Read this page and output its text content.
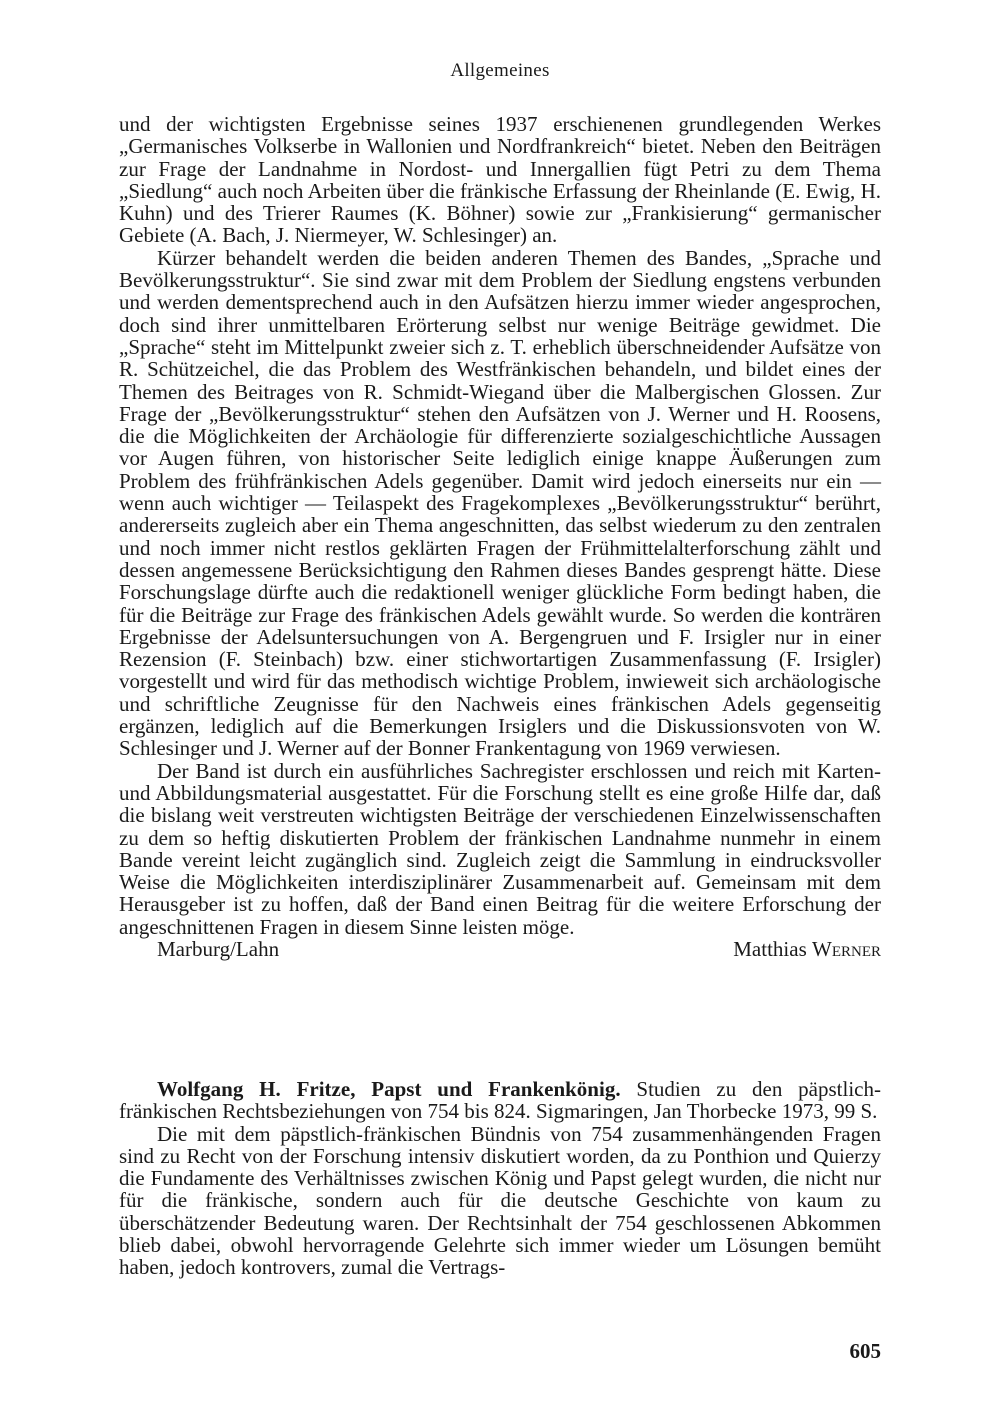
Allgemeines

und der wichtigsten Ergebnisse seines 1937 erschienenen grundlegenden Werkes „Germanisches Volkserbe in Wallonien und Nordfrankreich“ bietet. Neben den Beiträgen zur Frage der Landnahme in Nordost- und Innergallien fügt Petri zu dem Thema „Siedlung“ auch noch Arbeiten über die fränkische Erfassung der Rheinlande (E. Ewig, H. Kuhn) und des Trierer Raumes (K. Böhner) sowie zur „Frankisierung“ germanischer Gebiete (A. Bach, J. Niermeyer, W. Schlesinger) an.

Kürzer behandelt werden die beiden anderen Themen des Bandes, „Sprache und Bevölkerungsstruktur“. Sie sind zwar mit dem Problem der Siedlung engstens verbunden und werden dementsprechend auch in den Aufsätzen hierzu immer wieder angesprochen, doch sind ihrer unmittelbaren Erörterung selbst nur wenige Beiträge gewidmet. Die „Sprache“ steht im Mittelpunkt zweier sich z. T. erheblich überschneidender Aufsätze von R. Schützeichel, die das Problem des Westfränkischen behandeln, und bildet eines der Themen des Beitrages von R. Schmidt-Wiegand über die Malbergischen Glossen. Zur Frage der „Bevölkerungsstruktur“ stehen den Aufsätzen von J. Werner und H. Roosens, die die Möglichkeiten der Archäologie für differenzierte sozialgeschichtliche Aussagen vor Augen führen, von historischer Seite lediglich einige knappe Äußerungen zum Problem des frühfränkischen Adels gegenüber. Damit wird jedoch einerseits nur ein — wenn auch wichtiger — Teilaspekt des Fragekomplexes „Bevölkerungsstruktur“ berührt, andererseits zugleich aber ein Thema angeschnitten, das selbst wiederum zu den zentralen und noch immer nicht restlos geklärten Fragen der Frühmittelalterforschung zählt und dessen angemessene Berücksichtigung den Rahmen dieses Bandes gesprengt hätte. Diese Forschungslage dürfte auch die redaktionell weniger glückliche Form bedingt haben, die für die Beiträge zur Frage des fränkischen Adels gewählt wurde. So werden die konträren Ergebnisse der Adelsuntersuchungen von A. Bergengruen und F. Irsigler nur in einer Rezension (F. Steinbach) bzw. einer stichwortartigen Zusammenfassung (F. Irsigler) vorgestellt und wird für das methodisch wichtige Problem, inwieweit sich archäologische und schriftliche Zeugnisse für den Nachweis eines fränkischen Adels gegenseitig ergänzen, lediglich auf die Bemerkungen Irsiglers und die Diskussionsvoten von W. Schlesinger und J. Werner auf der Bonner Frankentagung von 1969 verwiesen.

Der Band ist durch ein ausführliches Sachregister erschlossen und reich mit Karten- und Abbildungsmaterial ausgestattet. Für die Forschung stellt es eine große Hilfe dar, daß die bislang weit verstreuten wichtigsten Beiträge der verschiedenen Einzelwissenschaften zu dem so heftig diskutierten Problem der fränkischen Landnahme nunmehr in einem Bande vereint leicht zugänglich sind. Zugleich zeigt die Sammlung in eindrucksvoller Weise die Möglichkeiten interdisziplinärer Zusammenarbeit auf. Gemeinsam mit dem Herausgeber ist zu hoffen, daß der Band einen Beitrag für die weitere Erforschung der angeschnittenen Fragen in diesem Sinne leisten möge.

Marburg/Lahn	Matthias Werner

Wolfgang H. Fritze, Papst und Frankenkönig. Studien zu den päpstlich-fränkischen Rechtsbeziehungen von 754 bis 824. Sigmaringen, Jan Thorbecke 1973, 99 S.

Die mit dem päpstlich-fränkischen Bündnis von 754 zusammenhängenden Fragen sind zu Recht von der Forschung intensiv diskutiert worden, da zu Ponthion und Quierzy die Fundamente des Verhältnisses zwischen König und Papst gelegt wurden, die nicht nur für die fränkische, sondern auch für die deutsche Geschichte von kaum zu überschätzender Bedeutung waren. Der Rechtsinhalt der 754 geschlossenen Abkommen blieb dabei, obwohl hervorragende Gelehrte sich immer wieder um Lösungen bemüht haben, jedoch kontrovers, zumal die Vertrags-

605
